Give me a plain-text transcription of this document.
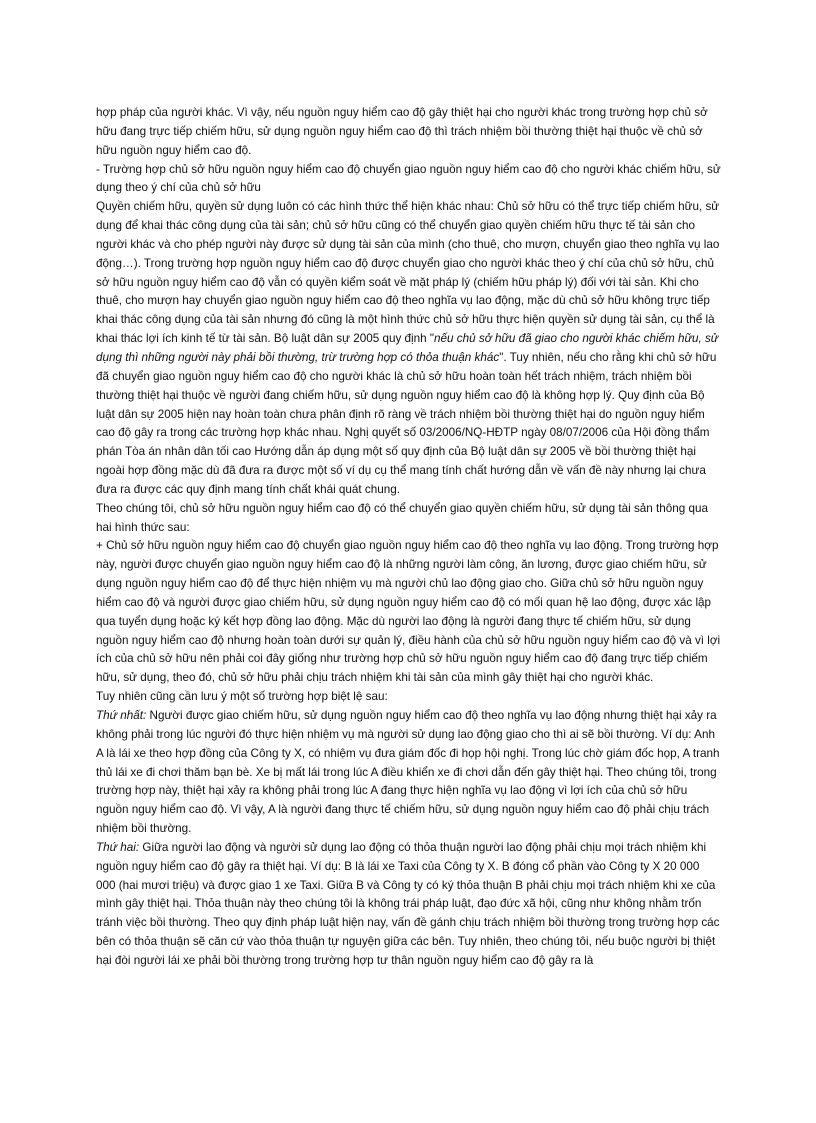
hợp pháp của người khác. Vì vậy, nếu nguồn nguy hiểm cao độ gây thiệt hại cho người khác trong trường hợp chủ sở hữu đang trực tiếp chiếm hữu, sử dụng nguồn nguy hiểm cao độ thì trách nhiệm bồi thường thiệt hại thuộc về chủ sở hữu nguồn nguy hiểm cao độ.

- Trường hợp chủ sở hữu nguồn nguy hiểm cao độ chuyển giao nguồn nguy hiểm cao độ cho người khác chiếm hữu, sử dụng theo ý chí của chủ sở hữu

Quyền chiếm hữu, quyền sử dụng luôn có các hình thức thể hiện khác nhau: Chủ sở hữu có thể trực tiếp chiếm hữu, sử dụng để khai thác công dụng của tài sản; chủ sở hữu cũng có thể chuyển giao quyền chiếm hữu thực tế tài sản cho người khác và cho phép người này được sử dụng tài sản của mình (cho thuê, cho mượn, chuyển giao theo nghĩa vụ lao động…). Trong trường hợp nguồn nguy hiểm cao độ được chuyển giao cho người khác theo ý chí của chủ sở hữu, chủ sở hữu nguồn nguy hiểm cao độ vẫn có quyền kiểm soát về mặt pháp lý (chiếm hữu pháp lý) đối với tài sản. Khi cho thuê, cho mượn hay chuyển giao nguồn nguy hiểm cao độ theo nghĩa vụ lao động, mặc dù chủ sở hữu không trực tiếp khai thác công dụng của tài sản nhưng đó cũng là một hình thức chủ sở hữu thực hiện quyền sử dụng tài sản, cụ thể là khai thác lợi ích kinh tế từ tài sản. Bộ luật dân sự 2005 quy định "nếu chủ sở hữu đã giao cho người khác chiếm hữu, sử dụng thì những người này phải bồi thường, trừ trường hợp có thỏa thuận khác". Tuy nhiên, nếu cho rằng khi chủ sở hữu đã chuyển giao nguồn nguy hiểm cao độ cho người khác là chủ sở hữu hoàn toàn hết trách nhiệm, trách nhiệm bồi thường thiệt hại thuộc về người đang chiếm hữu, sử dụng nguồn nguy hiểm cao độ là không hợp lý. Quy định của Bộ luật dân sự 2005 hiện nay hoàn toàn chưa phân định rõ ràng về trách nhiệm bồi thường thiệt hại do nguồn nguy hiểm cao độ gây ra trong các trường hợp khác nhau. Nghị quyết số 03/2006/NQ-HĐTP ngày 08/07/2006 của Hội đồng thẩm phán Tòa án nhân dân tối cao Hướng dẫn áp dụng một số quy định của Bộ luật dân sự 2005 về bồi thường thiệt hại ngoài hợp đồng mặc dù đã đưa ra được một số ví dụ cụ thể mang tính chất hướng dẫn về vấn đề này nhưng lại chưa đưa ra được các quy định mang tính chất khái quát chung.

Theo chúng tôi, chủ sở hữu nguồn nguy hiểm cao độ có thể chuyển giao quyền chiếm hữu, sử dụng tài sản thông qua hai hình thức sau:

+ Chủ sở hữu nguồn nguy hiểm cao độ chuyển giao nguồn nguy hiểm cao độ theo nghĩa vụ lao động. Trong trường hợp này, người được chuyển giao nguồn nguy hiểm cao độ là những người làm công, ăn lương, được giao chiếm hữu, sử dụng nguồn nguy hiểm cao độ để thực hiện nhiệm vụ mà người chủ lao động giao cho. Giữa chủ sở hữu nguồn nguy hiểm cao độ và người được giao chiếm hữu, sử dụng nguồn nguy hiểm cao độ có mối quan hệ lao động, được xác lập qua tuyển dụng hoặc ký kết hợp đồng lao động. Mặc dù người lao động là người đang thực tế chiếm hữu, sử dụng nguồn nguy hiểm cao độ nhưng hoàn toàn dưới sự quản lý, điều hành của chủ sở hữu nguồn nguy hiểm cao độ và vì lợi ích của chủ sở hữu nên phải coi đây giống như trường hợp chủ sở hữu nguồn nguy hiểm cao độ đang trực tiếp chiếm hữu, sử dụng, theo đó, chủ sở hữu phải chịu trách nhiệm khi tài sản của mình gây thiệt hại cho người khác.

Tuy nhiên cũng cần lưu ý một số trường hợp biệt lệ sau:

Thứ nhất: Người được giao chiếm hữu, sử dụng nguồn nguy hiểm cao độ theo nghĩa vụ lao động nhưng thiệt hại xảy ra không phải trong lúc người đó thực hiện nhiệm vụ mà người sử dụng lao động giao cho thì ai sẽ bồi thường. Ví dụ: Anh A là lái xe theo hợp đồng của Công ty X, có nhiệm vụ đưa giám đốc đi họp hội nghị. Trong lúc chờ giám đốc họp, A tranh thủ lái xe đi chơi thăm bạn bè. Xe bị mất lái trong lúc A điều khiển xe đi chơi dẫn đến gây thiệt hại. Theo chúng tôi, trong trường hợp này, thiệt hại xảy ra không phải trong lúc A đang thực hiện nghĩa vụ lao động vì lợi ích của chủ sở hữu nguồn nguy hiểm cao độ. Vì vậy, A là người đang thực tế chiếm hữu, sử dụng nguồn nguy hiểm cao độ phải chịu trách nhiệm bồi thường.

Thứ hai: Giữa người lao động và người sử dụng lao động có thỏa thuận người lao động phải chịu mọi trách nhiệm khi nguồn nguy hiểm cao độ gây ra thiệt hại. Ví dụ: B là lái xe Taxi của Công ty X. B đóng cổ phần vào Công ty X 20 000 000 (hai mươi triệu) và được giao 1 xe Taxi. Giữa B và Công ty có ký thỏa thuận B phải chịu mọi trách nhiệm khi xe của mình gây thiệt hại. Thỏa thuận này theo chúng tôi là không trái pháp luật, đạo đức xã hội, cũng như không nhằm trốn tránh việc bồi thường. Theo quy định pháp luật hiện nay, vấn đề gánh chịu trách nhiệm bồi thường trong trường hợp các bên có thỏa thuận sẽ căn cứ vào thỏa thuận tự nguyện giữa các bên. Tuy nhiên, theo chúng tôi, nếu buộc người bị thiệt hại đòi người lái xe phải bồi thường trong trường hợp tư thân nguồn nguy hiểm cao độ gây ra là
